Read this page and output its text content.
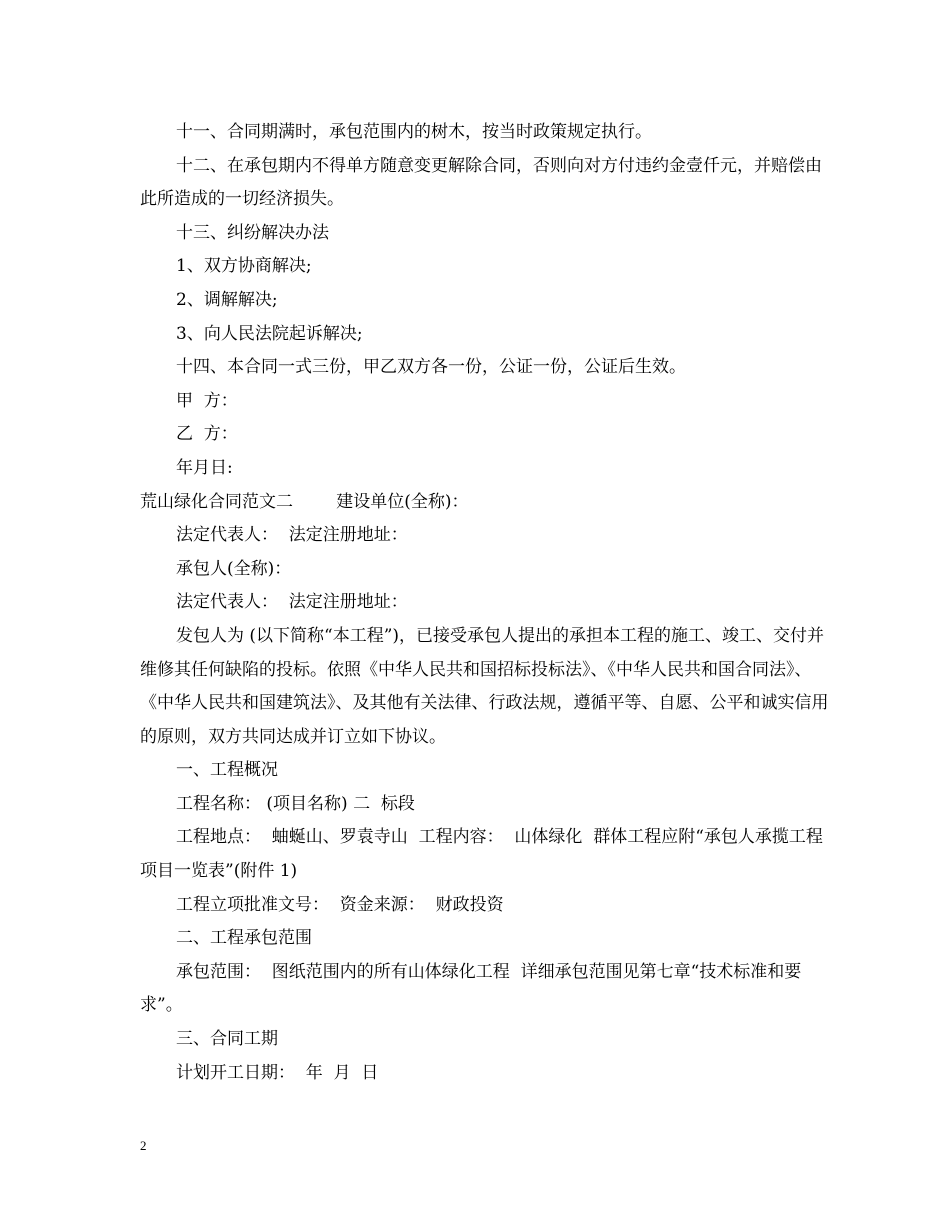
十一、合同期满时，承包范围内的树木，按当时政策规定执行。

十二、在承包期内不得单方随意变更解除合同，否则向对方付违约金壹仟元，并赔偿由此所造成的一切经济损失。

十三、纠纷解决办法

1、双方协商解决;

2、调解解决;

3、向人民法院起诉解决;

十四、本合同一式三份，甲乙双方各一份，公证一份，公证后生效。

甲  方：

乙  方：

年月日:

荒山绿化合同范文二        建设单位(全称)：

法定代表人：  法定注册地址：

承包人(全称)：

法定代表人：  法定注册地址：

发包人为 (以下简称“本工程”)，已接受承包人提出的承担本工程的施工、竣工、交付并维修其任何缺陷的投标。依照《中华人民共和国招标投标法》、《中华人民共和国合同法》、《中华人民共和国建筑法》、及其他有关法律、行政法规，遵循平等、自愿、公平和诚实信用的原则，双方共同达成并订立如下协议。

一、工程概况

工程名称： (项目名称) 二  标段

工程地点：  蚰蜒山、罗袁寺山  工程内容：  山体绿化  群体工程应附“承包人承揽工程项目一览表”(附件 1)

工程立项批准文号：  资金来源：  财政投资

二、工程承包范围

承包范围：  图纸范围内的所有山体绿化工程  详细承包范围见第七章“技术标准和要求”。

三、合同工期

计划开工日期：  年  月  日

2
